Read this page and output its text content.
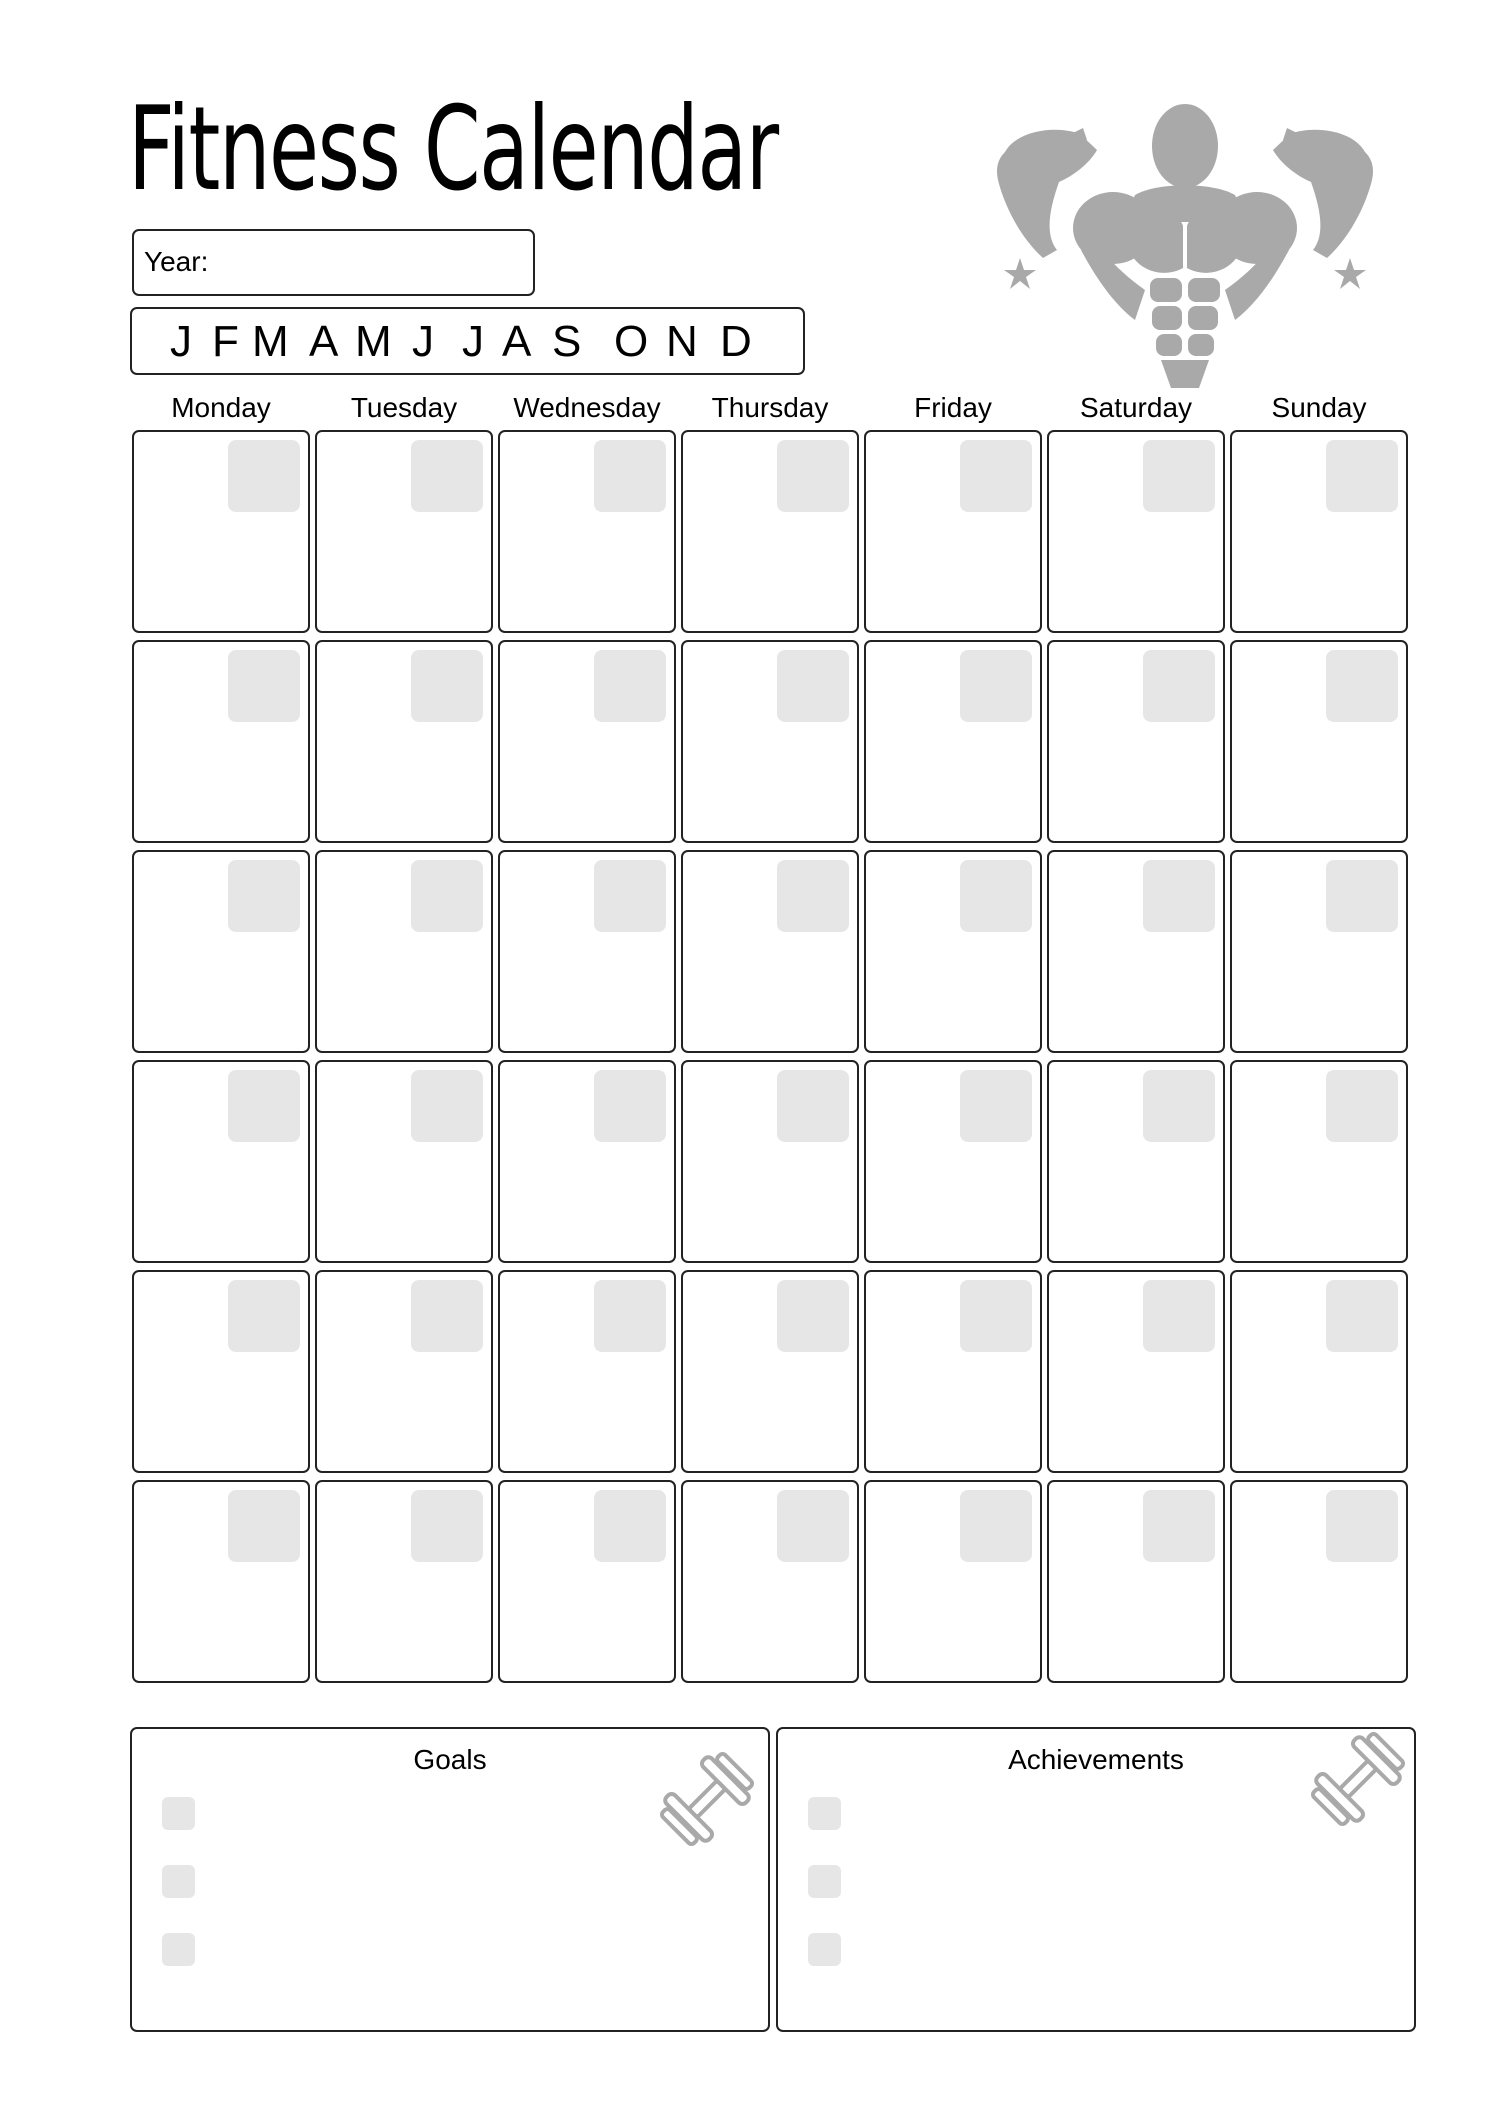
Fitness Calendar
Year:
J F M A M J J A S O N D
Monday	Tuesday	Wednesday	Thursday	Friday	Saturday	Sunday
Goals	Achievements
